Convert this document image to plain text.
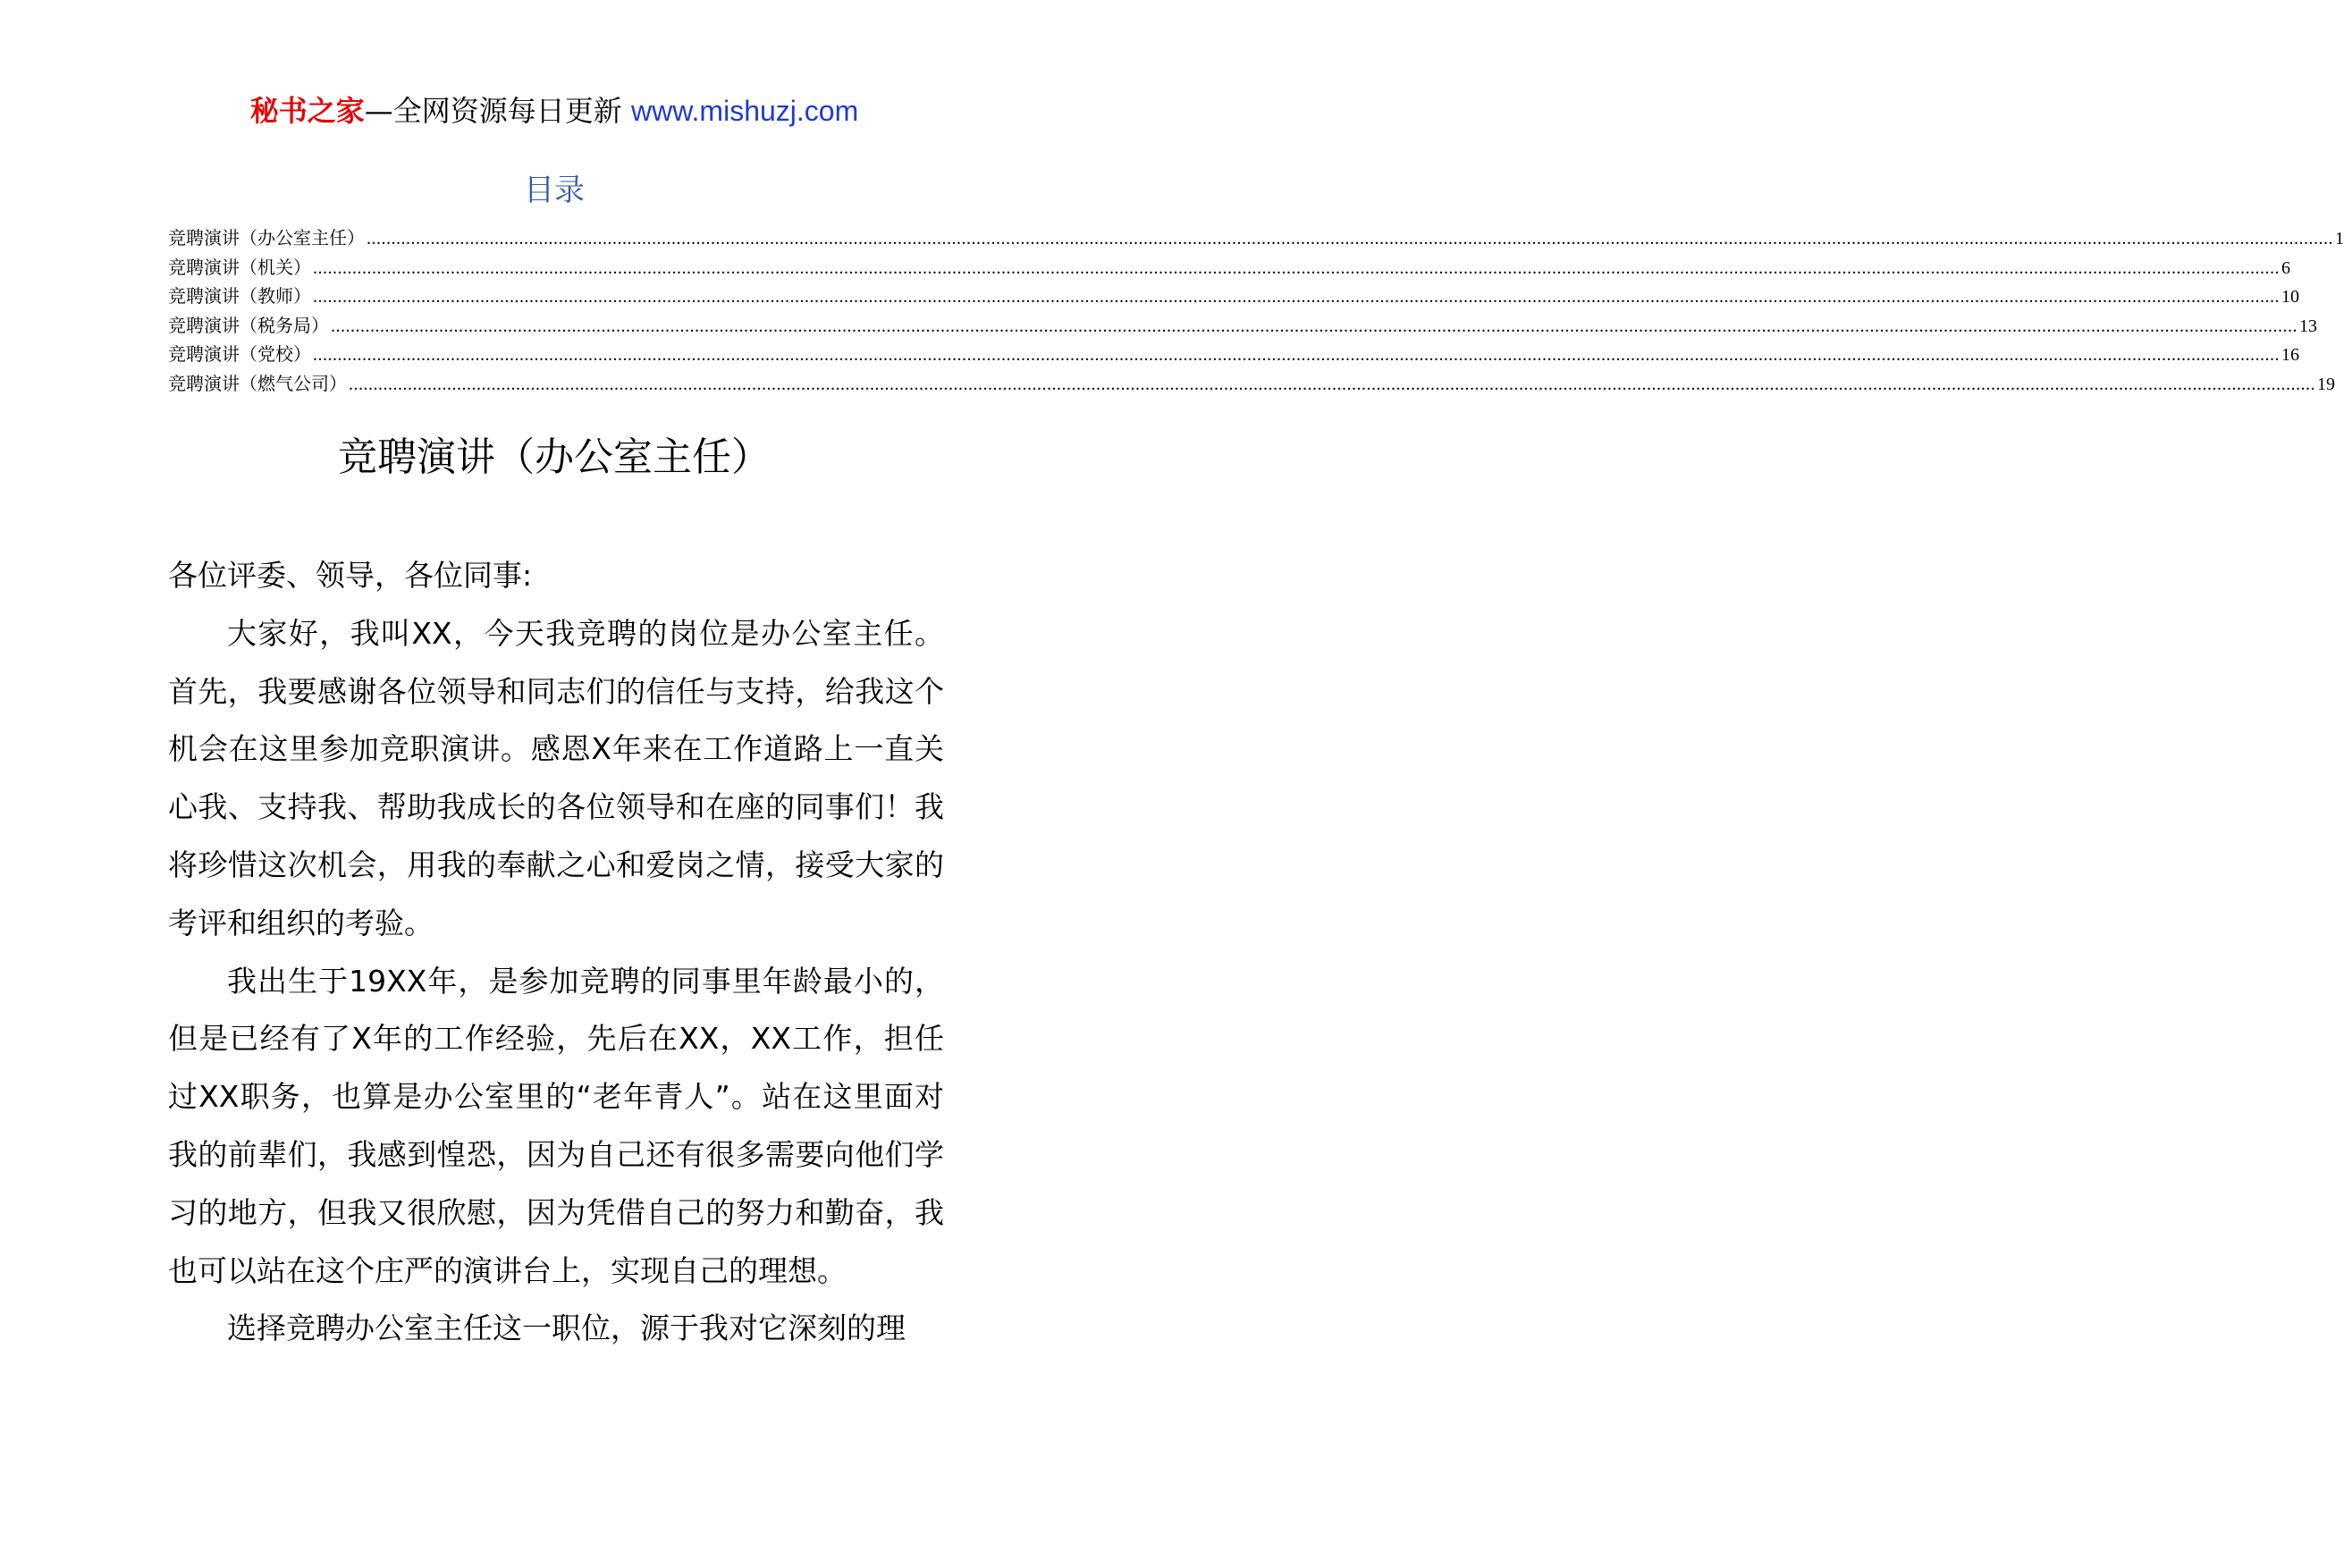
秘书之家—全网资源每日更新 www.mishuzj.com
目录
竞聘演讲（办公室主任） ................................................................................................................................................................................................................................................................................................................................................................................................................ 1
竞聘演讲（机关） ................................................................................................................................................................................................................................................................................................................................................................................................................ 6
竞聘演讲（教师） ................................................................................................................................................................................................................................................................................................................................................................................................................ 10
竞聘演讲（税务局） ................................................................................................................................................................................................................................................................................................................................................................................................................ 13
竞聘演讲（党校） ................................................................................................................................................................................................................................................................................................................................................................................................................ 16
竞聘演讲（燃气公司） ................................................................................................................................................................................................................................................................................................................................................................................................................ 19
竞聘演讲（办公室主任）

各位评委、领导，各位同事:

大家好，我叫XX，今天我竞聘的岗位是办公室主任。首先，我要感谢各位领导和同志们的信任与支持，给我这个机会在这里参加竞职演讲。感恩X年来在工作道路上一直关心我、支持我、帮助我成长的各位领导和在座的同事们！我将珍惜这次机会，用我的奉献之心和爱岗之情，接受大家的考评和组织的考验。

我出生于19XX年，是参加竞聘的同事里年龄最小的，但是已经有了X年的工作经验，先后在XX，XX工作，担任过XX职务，也算是办公室里的“老年青人”。站在这里面对我的前辈们，我感到惶恐，因为自己还有很多需要向他们学习的地方，但我又很欣慰，因为凭借自己的努力和勤奋，我也可以站在这个庄严的演讲台上，实现自己的理想。

选择竞聘办公室主任这一职位，源于我对它深刻的理
